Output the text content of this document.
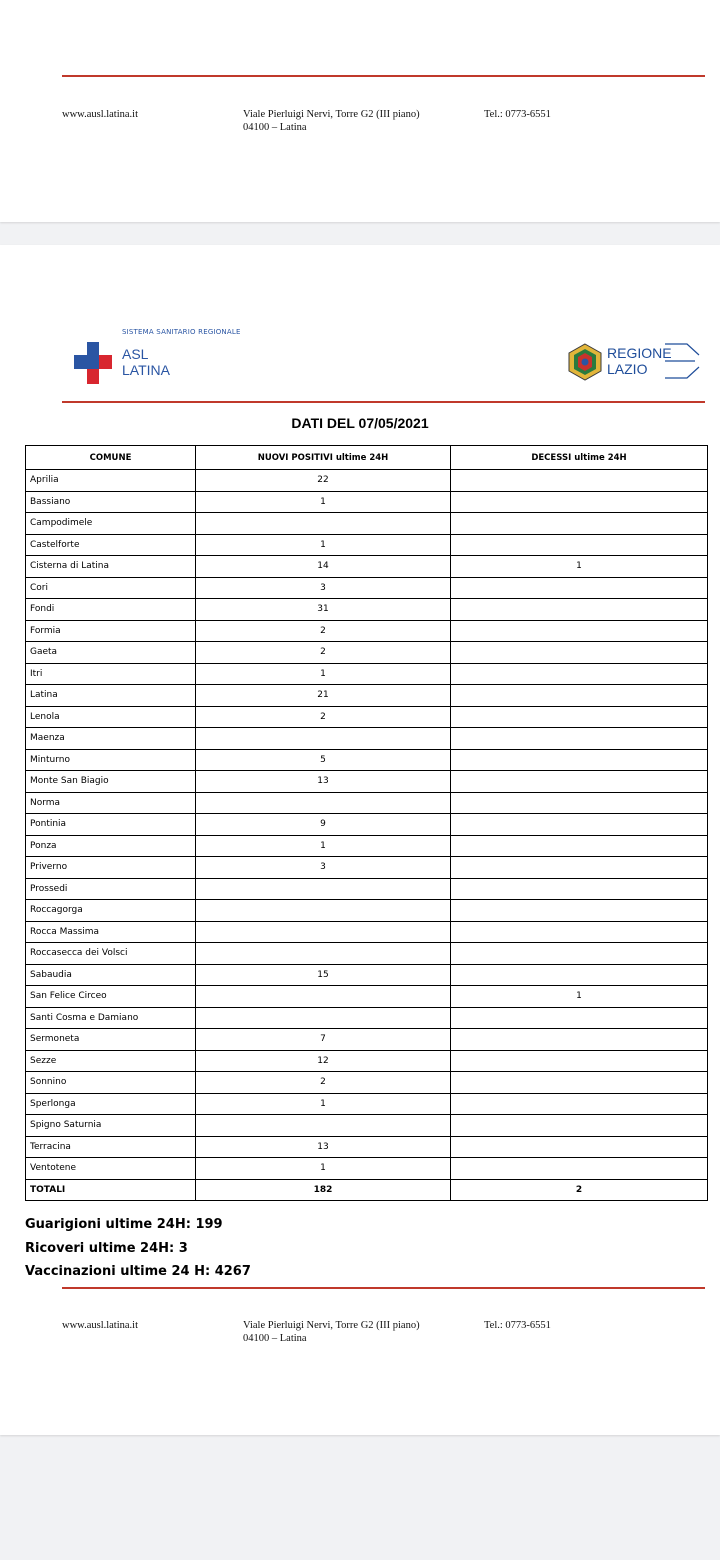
www.ausl.latina.it	Viale Pierluigi Nervi, Torre G2 (III piano)
04100 – Latina
Tel.: 0773-6551
SISTEMA SANITARIO REGIONALE
ASL
LATINA
REGIONE
LAZIO
DATI DEL 07/05/2021
COMUNE	NUOVI POSITIVI ultime 24H	DECESSI ultime 24H
Aprilia	22	
Bassiano	1	
Campodimele		
Castelforte	1	
Cisterna di Latina	14	1
Cori	3	
Fondi	31	
Formia	2	
Gaeta	2	
Itri	1	
Latina	21	
Lenola	2	
Maenza		
Minturno	5	
Monte San Biagio	13	
Norma		
Pontinia	9	
Ponza	1	
Priverno	3	
Prossedi		
Roccagorga		
Rocca Massima		
Roccasecca dei Volsci		
Sabaudia	15	
San Felice Circeo		1
Santi Cosma e Damiano		
Sermoneta	7	
Sezze	12	
Sonnino	2	
Sperlonga	1	
Spigno Saturnia		
Terracina	13	
Ventotene	1	
TOTALI	182	2
Guarigioni ultime 24H: 199
Ricoveri ultime 24H: 3
Vaccinazioni ultime 24 H: 4267
www.ausl.latina.it	Viale Pierluigi Nervi, Torre G2 (III piano)
04100 – Latina
Tel.: 0773-6551
